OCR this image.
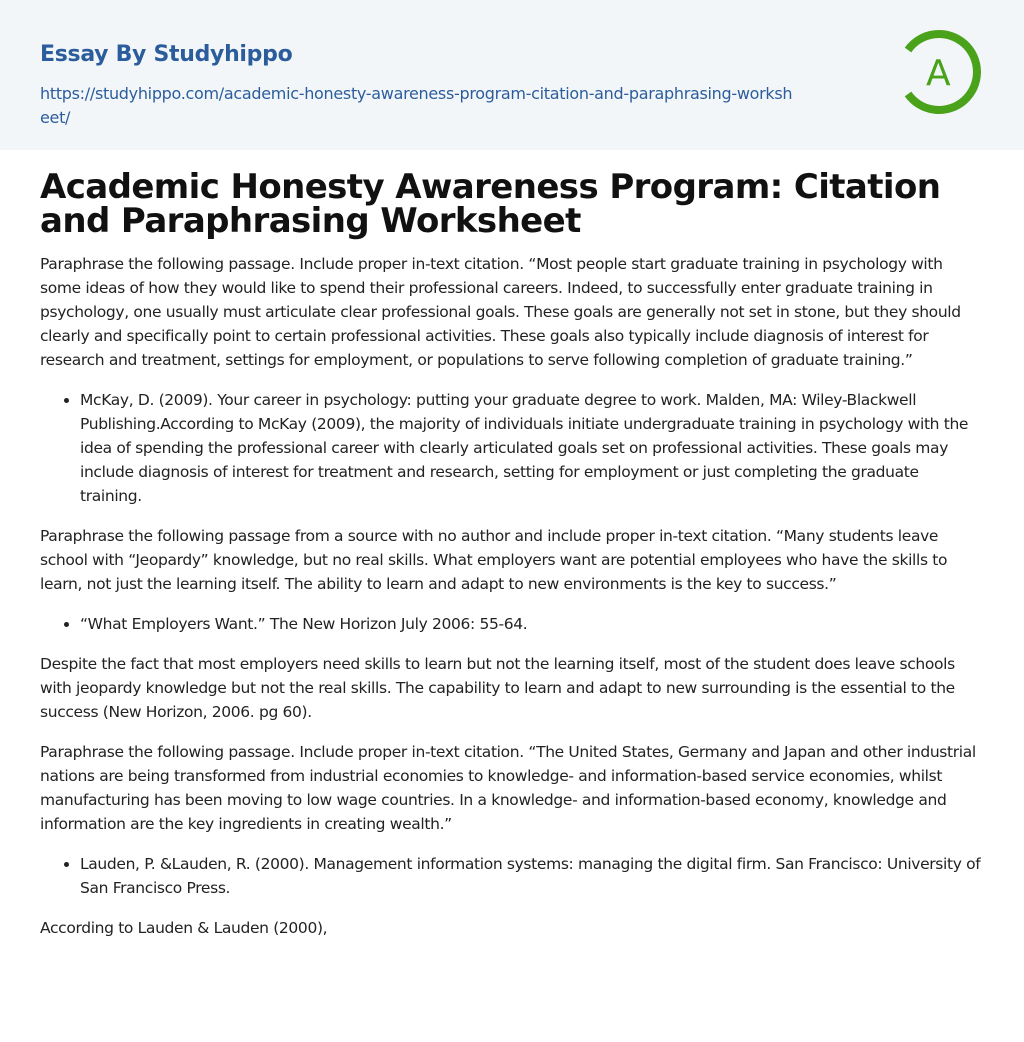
Essay By Studyhippo
https://studyhippo.com/academic-honesty-awareness-program-citation-and-paraphrasing-worksheet/
A
Academic Honesty Awareness Program: Citation and Paraphrasing Worksheet

Paraphrase the following passage. Include proper in-text citation. “Most people start graduate training in psychology with some ideas of how they would like to spend their professional careers. Indeed, to successfully enter graduate training in psychology, one usually must articulate clear professional goals. These goals are generally not set in stone, but they should clearly and specifically point to certain professional activities. These goals also typically include diagnosis of interest for research and treatment, settings for employment, or populations to serve following completion of graduate training.”

• McKay, D. (2009). Your career in psychology: putting your graduate degree to work. Malden, MA: Wiley-Blackwell Publishing.According to McKay (2009), the majority of individuals initiate undergraduate training in psychology with the idea of spending the professional career with clearly articulated goals set on professional activities. These goals may include diagnosis of interest for treatment and research, setting for employment or just completing the graduate training.

Paraphrase the following passage from a source with no author and include proper in-text citation. “Many students leave school with “Jeopardy” knowledge, but no real skills. What employers want are potential employees who have the skills to learn, not just the learning itself. The ability to learn and adapt to new environments is the key to success.”

• “What Employers Want.” The New Horizon July 2006: 55-64.

Despite the fact that most employers need skills to learn but not the learning itself, most of the student does leave schools with jeopardy knowledge but not the real skills. The capability to learn and adapt to new surrounding is the essential to the success (New Horizon, 2006. pg 60).

Paraphrase the following passage. Include proper in-text citation. “The United States, Germany and Japan and other industrial nations are being transformed from industrial economies to knowledge- and information-based service economies, whilst manufacturing has been moving to low wage countries. In a knowledge- and information-based economy, knowledge and information are the key ingredients in creating wealth.”

• Lauden, P. &Lauden, R. (2000). Management information systems: managing the digital firm. San Francisco: University of San Francisco Press.

According to Lauden & Lauden (2000),
